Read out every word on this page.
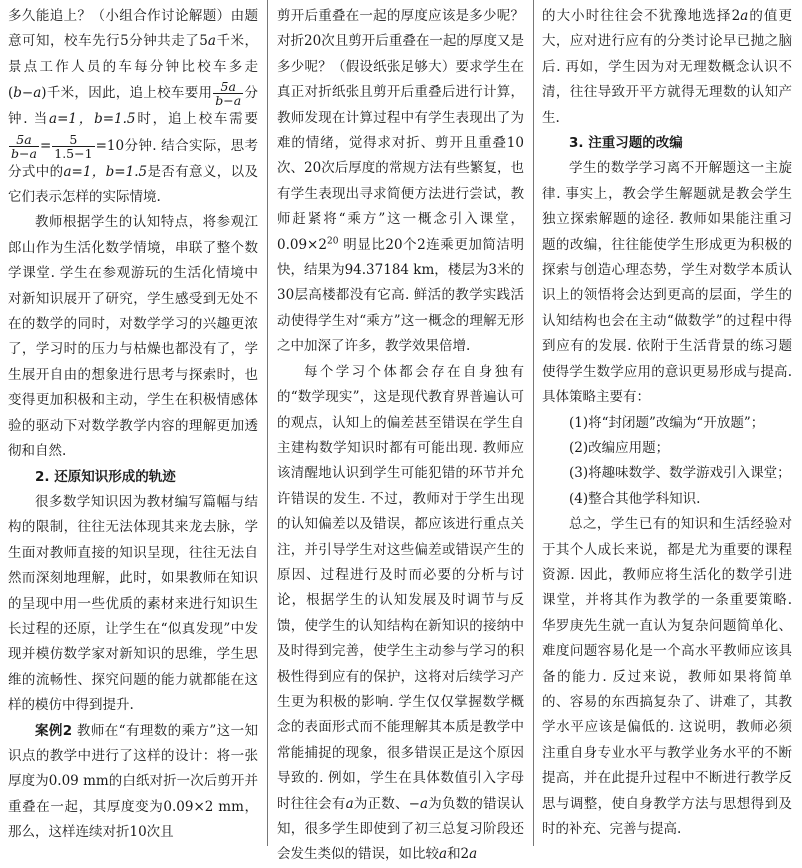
多久能追上？（小组合作讨论解题）由题意可知，校车先行5分钟共走了5a千米，景点工作人员的车每分钟比校车多走(b−a)千米，因此，追上校车要用 $\frac{5a}{b-a}$ 分钟. 当a=1，b=1.5时，追上校车需要
$\frac{5a}{b-a} = \frac{5}{1.5-1} =10$分钟. 结合实际，思考分式中的a=1，b=1.5是否有意义，以及它们表示怎样的实际情境.

教师根据学生的认知特点，将参观江郎山作为生活化数学情境，串联了整个数学课堂. 学生在参观游玩的生活化情境中对新知识展开了研究，学生感受到无处不在的数学的同时，对数学学习的兴趣更浓了，学习时的压力与枯燥也都没有了，学生展开自由的想象进行思考与探索时，也变得更加积极和主动，学生在积极情感体验的驱动下对数学教学内容的理解更加透彻和自然.

2. 还原知识形成的轨迹

很多数学知识因为教材编写篇幅与结构的限制，往往无法体现其来龙去脉，学生面对教师直接的知识呈现，往往无法自然而深刻地理解，此时，如果教师在知识的呈现中用一些优质的素材来进行知识生长过程的还原，让学生在“似真发现”中发现并模仿数学家对新知识的思维，学生思维的流畅性、探究问题的能力就都能在这样的模仿中得到提升.

案例2 教师在“有理数的乘方”这一知识点的教学中进行了这样的设计：将一张厚度为0.09 mm的白纸对折一次后剪开并重叠在一起，其厚度变为0.09×2 mm，那么，这样连续对折10次且

剪开后重叠在一起的厚度应该是多少呢？对折20次且剪开后重叠在一起的厚度又是多少呢？（假设纸张足够大）要求学生在真正对折纸张且剪开后重叠后进行计算，教师发现在计算过程中有学生表现出了为难的情绪，觉得求对折、剪开且重叠10次、20次后厚度的常规方法有些繁复，也有学生表现出寻求简便方法进行尝试，教师赶紧将“乘方”这一概念引入课堂，$0.09\times 2^{20}$ 明显比20个2连乘更加简洁明快，结果为94.37184 km，楼层为3米的30层高楼都没有它高. 鲜活的教学实践活动使得学生对“乘方”这一概念的理解无形之中加深了许多，教学效果倍增.

每个学习个体都会存在自身独有的“数学现实”，这是现代教育界普遍认可的观点，认知上的偏差甚至错误在学生自主建构数学知识时都有可能出现. 教师应该清醒地认识到学生可能犯错的环节并允许错误的发生. 不过，教师对于学生出现的认知偏差以及错误，都应该进行重点关注，并引导学生对这些偏差或错误产生的原因、过程进行及时而必要的分析与讨论，根据学生的认知发展及时调节与反馈，使学生的认知结构在新知识的接纳中及时得到完善，使学生主动参与学习的积极性得到应有的保护，这将对后续学习产生更为积极的影响. 学生仅仅掌握数学概念的表面形式而不能理解其本质是教学中常能捕捉的现象，很多错误正是这个原因导致的. 例如，学生在具体数值引入字母时往往会有a为正数、−a为负数的错误认知，很多学生即使到了初三总复习阶段还会发生类似的错误，如比较a和2a

的大小时往往会不犹豫地选择2a的值更大，应对进行应有的分类讨论早已抛之脑后. 再如，学生因为对无理数概念认识不清，往往导致开平方就得无理数的认知产生.

3. 注重习题的改编

学生的数学学习离不开解题这一主旋律. 事实上，教会学生解题就是教会学生独立探索解题的途径. 教师如果能注重习题的改编，往往能使学生形成更为积极的探索与创造心理态势，学生对数学本质认识上的领悟将会达到更高的层面，学生的认知结构也会在主动“做数学”的过程中得到应有的发展. 依附于生活背景的练习题使得学生数学应用的意识更易形成与提高. 具体策略主要有：

(1)将“封闭题”改编为“开放题”；

(2)改编应用题；

(3)将趣味数学、数学游戏引入课堂；

(4)整合其他学科知识.

总之，学生已有的知识和生活经验对于其个人成长来说，都是尤为重要的课程资源. 因此，教师应将生活化的数学引进课堂，并将其作为教学的一条重要策略. 华罗庚先生就一直认为复杂问题简单化、难度问题容易化是一个高水平教师应该具备的能力. 反过来说，教师如果将简单的、容易的东西搞复杂了、讲难了，其教学水平应该是偏低的. 这说明，教师必须注重自身专业水平与教学业务水平的不断提高，并在此提升过程中不断进行教学反思与调整，使自身教学方法与思想得到及时的补充、完善与提高.
